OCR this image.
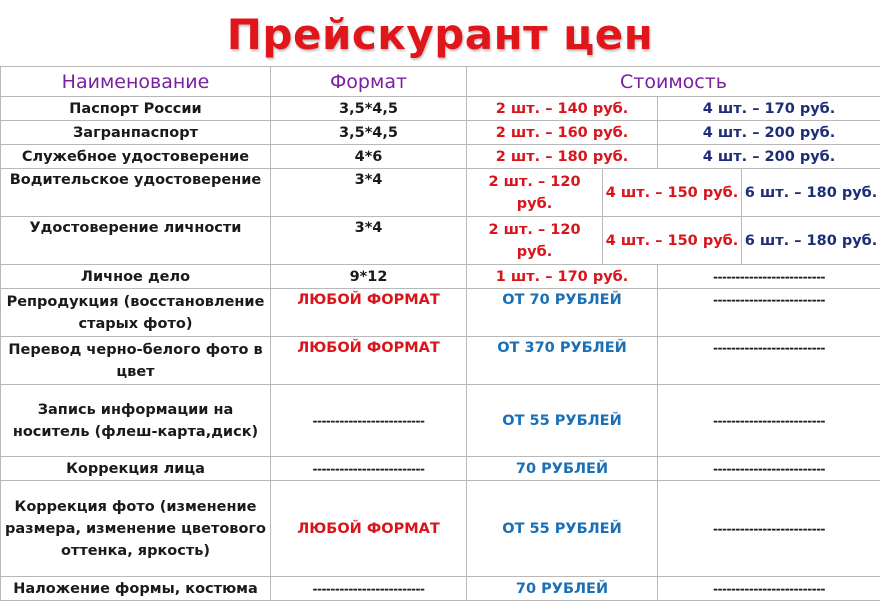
Прейскурант цен
Наименование	Формат	Стоимость			
Паспорт России	3,5*4,5	2 шт. – 140 руб.		4 шт. – 170 руб.	
Загранпаспорт	3,5*4,5	2 шт. – 160 руб.		4 шт. – 200 руб.	
Служебное удостоверение	4*6	2 шт. – 180 руб.		4 шт. – 200 руб.	
Водительское удостоверение	3*4	2 шт. – 120 руб.	4 шт. – 150 руб.		6 шт. – 180 руб.
Удостоверение личности	3*4	2 шт. – 120 руб.	4 шт. – 150 руб.		6 шт. – 180 руб.
Личное дело	9*12	1 шт. – 170 руб.		-------------------------	
Репродукция (восстановление старых фото)	ЛЮБОЙ ФОРМАТ	ОТ 70 РУБЛЕЙ		-------------------------	
Перевод черно-белого фото в цвет	ЛЮБОЙ ФОРМАТ	ОТ 370 РУБЛЕЙ		-------------------------	
Запись информации на носитель (флеш-карта,диск)	-------------------------	ОТ 55 РУБЛЕЙ		-------------------------	
Коррекция лица	-------------------------	70 РУБЛЕЙ		-------------------------	
Коррекция фото (изменение размера, изменение цветового оттенка, яркость)	ЛЮБОЙ ФОРМАТ	ОТ 55 РУБЛЕЙ		-------------------------	
Наложение формы, костюма	-------------------------	70 РУБЛЕЙ		-------------------------	
